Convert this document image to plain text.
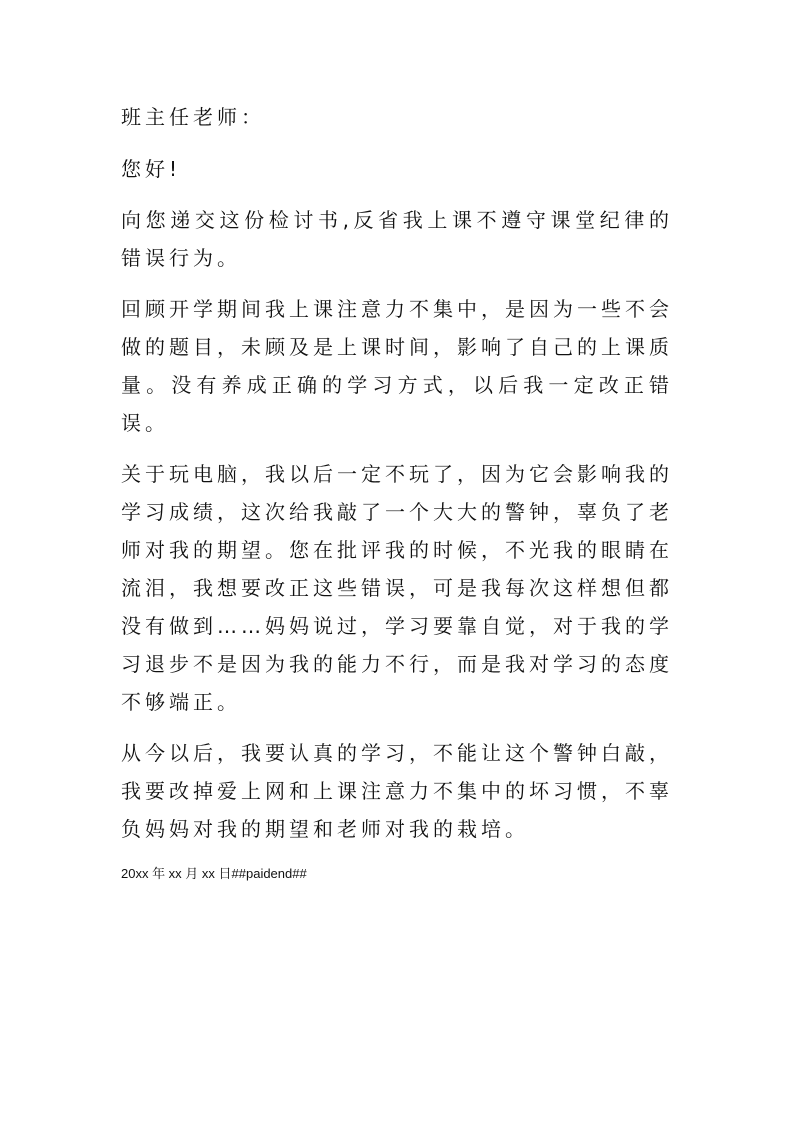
班主任老师：

您好!

向您递交这份检讨书,反省我上课不遵守课堂纪律的错误行为。

回顾开学期间我上课注意力不集中，是因为一些不会做的题目，未顾及是上课时间，影响了自己的上课质量。没有养成正确的学习方式，以后我一定改正错误。

关于玩电脑，我以后一定不玩了，因为它会影响我的学习成绩，这次给我敲了一个大大的警钟，辜负了老师对我的期望。您在批评我的时候，不光我的眼睛在流泪，我想要改正这些错误，可是我每次这样想但都没有做到……妈妈说过，学习要靠自觉，对于我的学习退步不是因为我的能力不行，而是我对学习的态度不够端正。

从今以后，我要认真的学习，不能让这个警钟白敲，我要改掉爱上网和上课注意力不集中的坏习惯，不辜负妈妈对我的期望和老师对我的栽培。

20xx 年 xx 月 xx 日##paidend##
